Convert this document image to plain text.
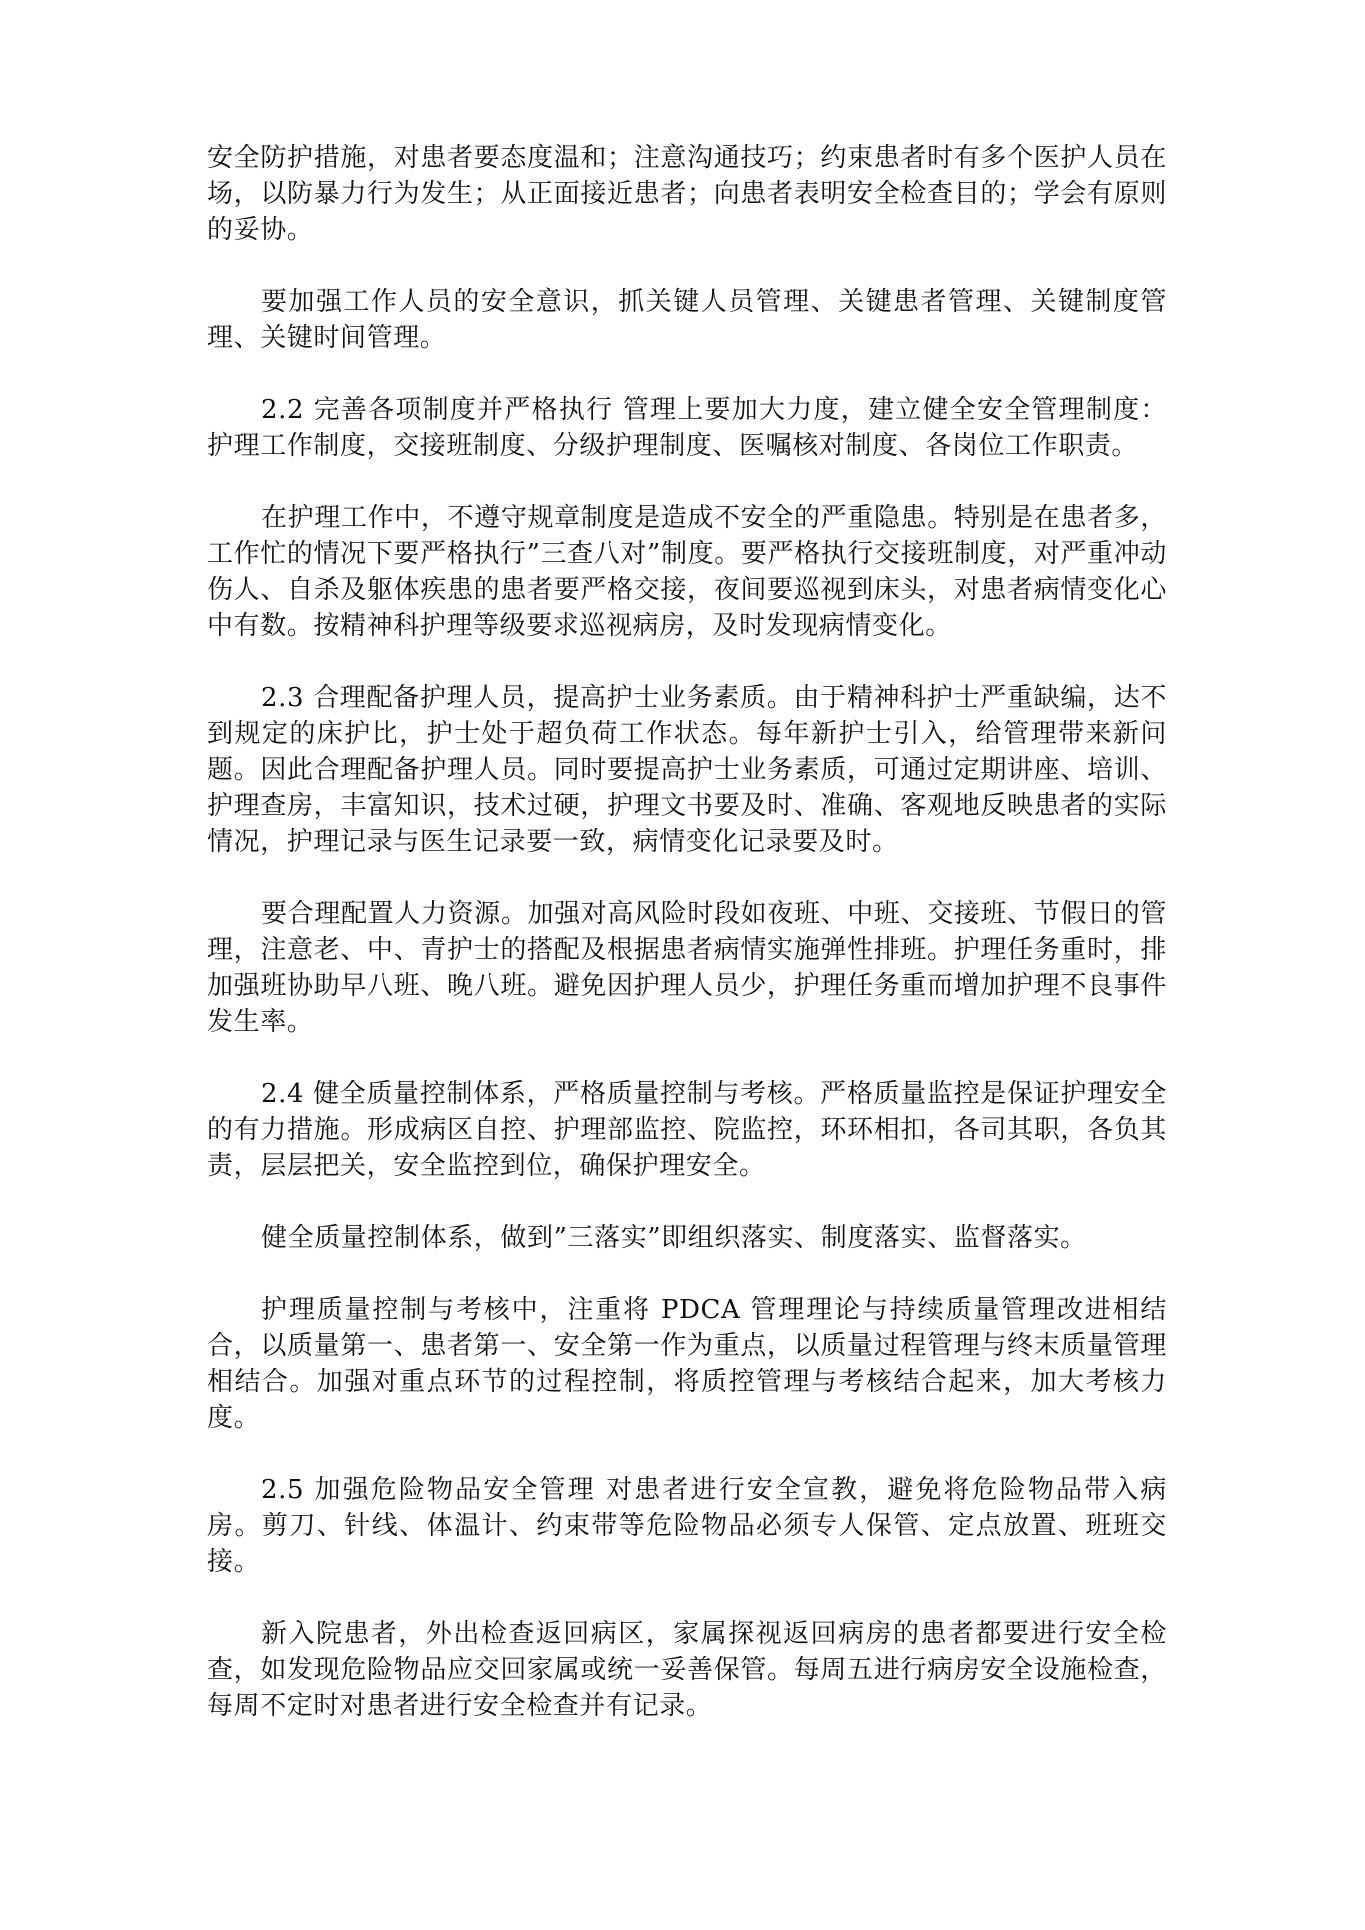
安全防护措施，对患者要态度温和；注意沟通技巧；约束患者时有多个医护人员在场，以防暴力行为发生；从正面接近患者；向患者表明安全检查目的；学会有原则的妥协。

要加强工作人员的安全意识，抓关键人员管理、关键患者管理、关键制度管理、关键时间管理。

2.2 完善各项制度并严格执行 管理上要加大力度，建立健全安全管理制度：护理工作制度，交接班制度、分级护理制度、医嘱核对制度、各岗位工作职责。

在护理工作中，不遵守规章制度是造成不安全的严重隐患。特别是在患者多，工作忙的情况下要严格执行”三查八对”制度。要严格执行交接班制度，对严重冲动伤人、自杀及躯体疾患的患者要严格交接，夜间要巡视到床头，对患者病情变化心中有数。按精神科护理等级要求巡视病房，及时发现病情变化。

2.3 合理配备护理人员，提高护士业务素质。由于精神科护士严重缺编，达不到规定的床护比，护士处于超负荷工作状态。每年新护士引入，给管理带来新问题。因此合理配备护理人员。同时要提高护士业务素质，可通过定期讲座、培训、护理查房，丰富知识，技术过硬，护理文书要及时、准确、客观地反映患者的实际情况，护理记录与医生记录要一致，病情变化记录要及时。

要合理配置人力资源。加强对高风险时段如夜班、中班、交接班、节假日的管理，注意老、中、青护士的搭配及根据患者病情实施弹性排班。护理任务重时，排加强班协助早八班、晚八班。避免因护理人员少，护理任务重而增加护理不良事件发生率。

2.4 健全质量控制体系，严格质量控制与考核。严格质量监控是保证护理安全的有力措施。形成病区自控、护理部监控、院监控，环环相扣，各司其职，各负其责，层层把关，安全监控到位，确保护理安全。

健全质量控制体系，做到”三落实”即组织落实、制度落实、监督落实。

护理质量控制与考核中，注重将 PDCA 管理理论与持续质量管理改进相结合，以质量第一、患者第一、安全第一作为重点，以质量过程管理与终末质量管理相结合。加强对重点环节的过程控制，将质控管理与考核结合起来，加大考核力度。

2.5 加强危险物品安全管理 对患者进行安全宣教，避免将危险物品带入病房。剪刀、针线、体温计、约束带等危险物品必须专人保管、定点放置、班班交接。

新入院患者，外出检查返回病区，家属探视返回病房的患者都要进行安全检查，如发现危险物品应交回家属或统一妥善保管。每周五进行病房安全设施检查，每周不定时对患者进行安全检查并有记录。
